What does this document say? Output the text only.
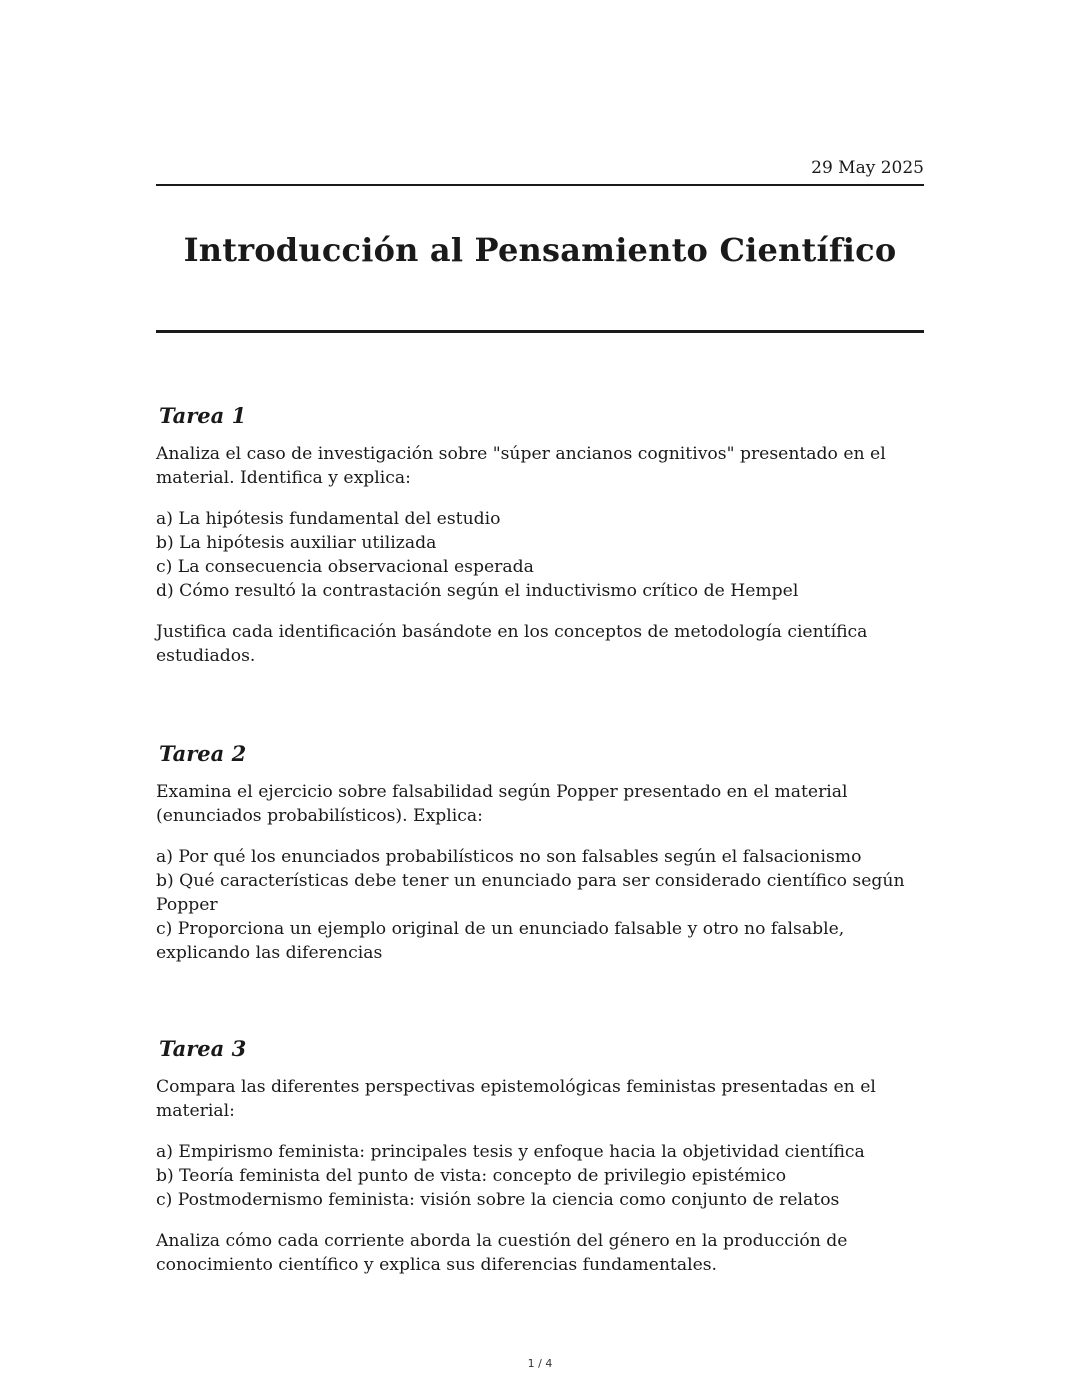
29 May 2025
Introducción al Pensamiento Científico
Tarea 1

Analiza el caso de investigación sobre "súper ancianos cognitivos" presentado en el material. Identifica y explica:

a) La hipótesis fundamental del estudio
b) La hipótesis auxiliar utilizada
c) La consecuencia observacional esperada
d) Cómo resultó la contrastación según el inductivismo crítico de Hempel

Justifica cada identificación basándote en los conceptos de metodología científica estudiados.

Tarea 2

Examina el ejercicio sobre falsabilidad según Popper presentado en el material (enunciados probabilísticos). Explica:

a) Por qué los enunciados probabilísticos no son falsables según el falsacionismo
b) Qué características debe tener un enunciado para ser considerado científico según Popper
c) Proporciona un ejemplo original de un enunciado falsable y otro no falsable, explicando las diferencias
Tarea 3

Compara las diferentes perspectivas epistemológicas feministas presentadas en el material:

a) Empirismo feminista: principales tesis y enfoque hacia la objetividad científica
b) Teoría feminista del punto de vista: concepto de privilegio epistémico
c) Postmodernismo feminista: visión sobre la ciencia como conjunto de relatos

Analiza cómo cada corriente aborda la cuestión del género en la producción de conocimiento científico y explica sus diferencias fundamentales.

1 / 4
